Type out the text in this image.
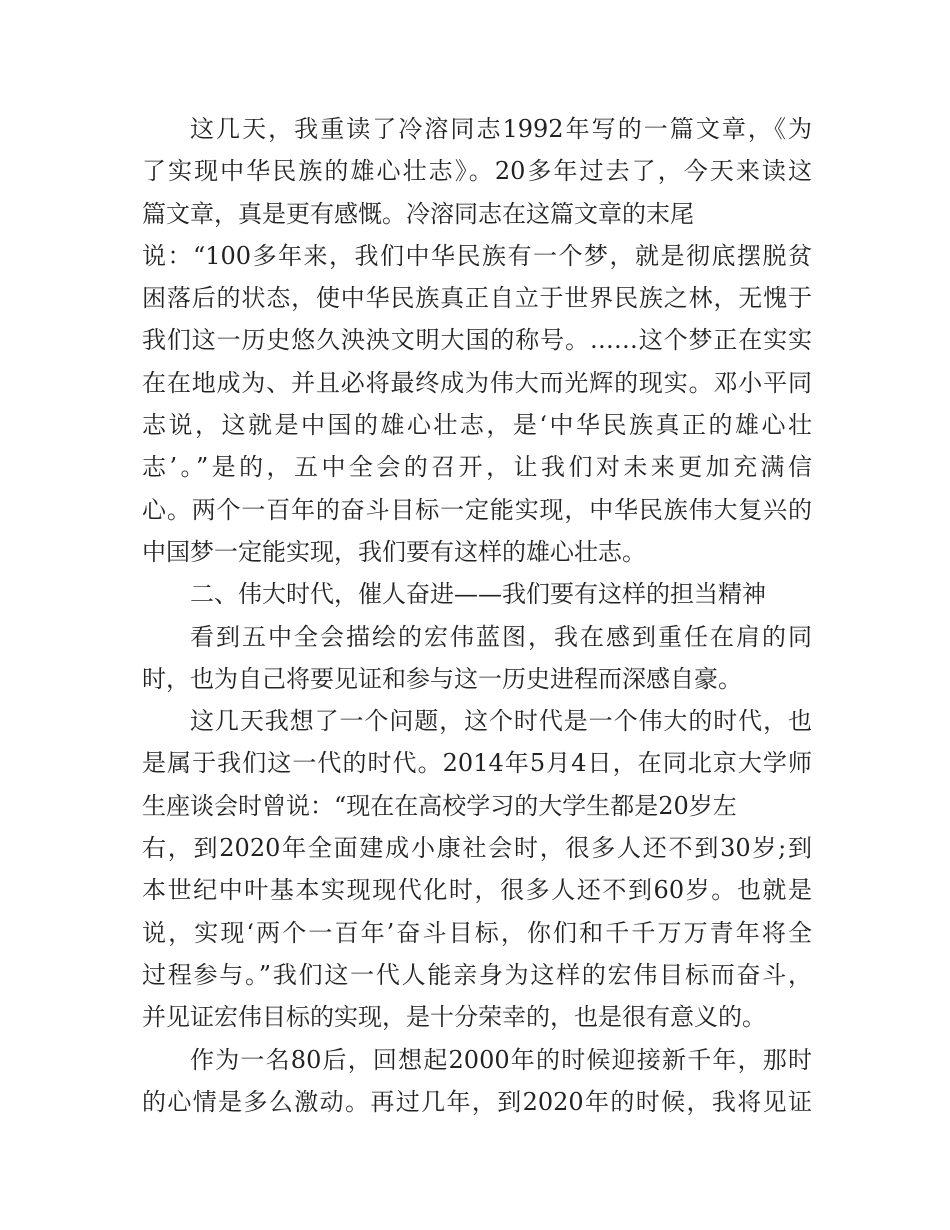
这几天，我重读了冷溶同志1992年写的一篇文章，《为
了实现中华民族的雄心壮志》。20多年过去了，今天来读这
篇文章，真是更有感慨。冷溶同志在这篇文章的末尾
说：“100多年来，我们中华民族有一个梦，就是彻底摆脱贫
困落后的状态，使中华民族真正自立于世界民族之林，无愧于
我们这一历史悠久泱泱文明大国的称号。……这个梦正在实实
在在地成为、并且必将最终成为伟大而光辉的现实。邓小平同
志说，这就是中国的雄心壮志，是‘中华民族真正的雄心壮
志’。”是的，五中全会的召开，让我们对未来更加充满信
心。两个一百年的奋斗目标一定能实现，中华民族伟大复兴的
中国梦一定能实现，我们要有这样的雄心壮志。
二、伟大时代，催人奋进——我们要有这样的担当精神
看到五中全会描绘的宏伟蓝图，我在感到重任在肩的同
时，也为自己将要见证和参与这一历史进程而深感自豪。
这几天我想了一个问题，这个时代是一个伟大的时代，也
是属于我们这一代的时代。2014年5月4日，在同北京大学师
生座谈会时曾说：“现在在高校学习的大学生都是20岁左
右，到2020年全面建成小康社会时，很多人还不到30岁;到
本世纪中叶基本实现现代化时，很多人还不到60岁。也就是
说，实现‘两个一百年’奋斗目标，你们和千千万万青年将全
过程参与。”我们这一代人能亲身为这样的宏伟目标而奋斗，
并见证宏伟目标的实现，是十分荣幸的，也是很有意义的。
作为一名80后，回想起2000年的时候迎接新千年，那时
的心情是多么激动。再过几年，到2020年的时候，我将见证
